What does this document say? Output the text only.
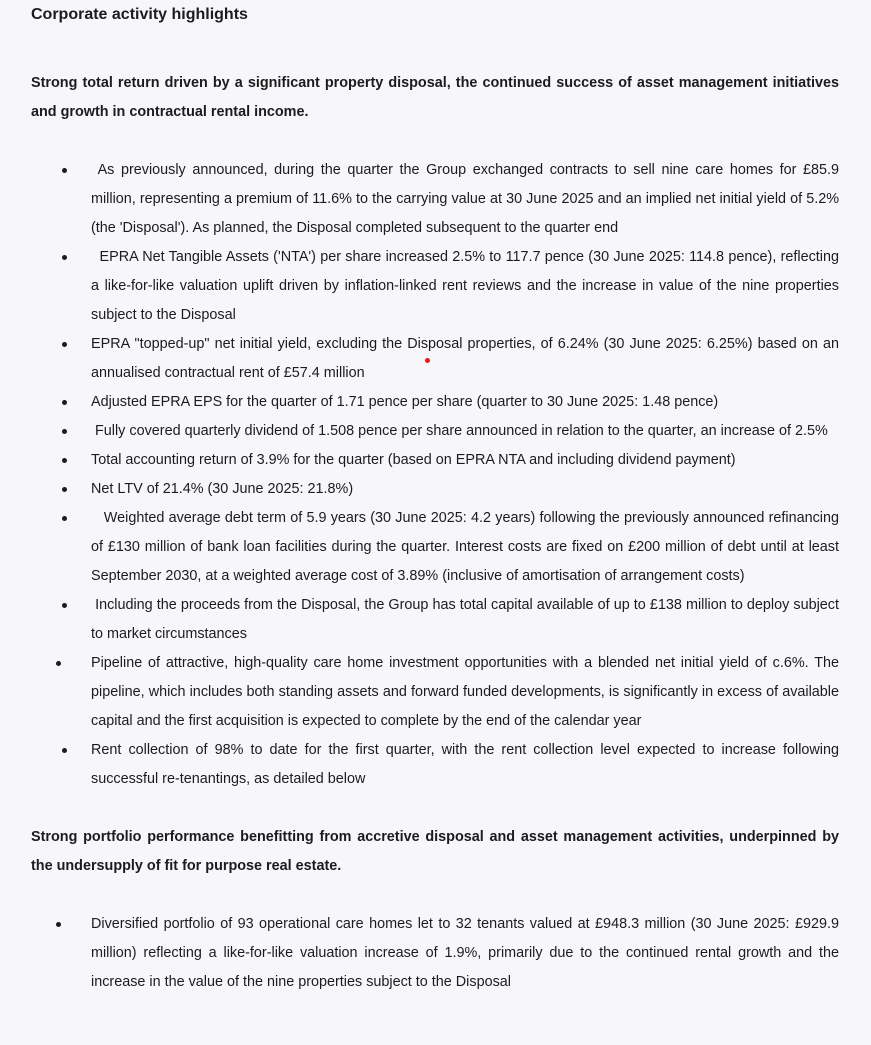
Corporate activity highlights

Strong total return driven by a significant property disposal, the continued success of asset management initiatives and growth in contractual rental income.

As previously announced, during the quarter the Group exchanged contracts to sell nine care homes for £85.9 million, representing a premium of 11.6% to the carrying value at 30 June 2025 and an implied net initial yield of 5.2% (the 'Disposal'). As planned, the Disposal completed subsequent to the quarter end
EPRA Net Tangible Assets ('NTA') per share increased 2.5% to 117.7 pence (30 June 2025: 114.8 pence), reflecting a like-for-like valuation uplift driven by inflation-linked rent reviews and the increase in value of the nine properties subject to the Disposal
EPRA "topped-up" net initial yield, excluding the Disposal properties, of 6.24% (30 June 2025: 6.25%) based on an annualised contractual rent of £57.4 million
Adjusted EPRA EPS for the quarter of 1.71 pence per share (quarter to 30 June 2025: 1.48 pence)
Fully covered quarterly dividend of 1.508 pence per share announced in relation to the quarter, an increase of 2.5%
Total accounting return of 3.9% for the quarter (based on EPRA NTA and including dividend payment)
Net LTV of 21.4% (30 June 2025: 21.8%)
Weighted average debt term of 5.9 years (30 June 2025: 4.2 years) following the previously announced refinancing of £130 million of bank loan facilities during the quarter. Interest costs are fixed on £200 million of debt until at least September 2030, at a weighted average cost of 3.89% (inclusive of amortisation of arrangement costs)
Including the proceeds from the Disposal, the Group has total capital available of up to £138 million to deploy subject to market circumstances
Pipeline of attractive, high-quality care home investment opportunities with a blended net initial yield of c.6%. The pipeline, which includes both standing assets and forward funded developments, is significantly in excess of available capital and the first acquisition is expected to complete by the end of the calendar year
Rent collection of 98% to date for the first quarter, with the rent collection level expected to increase following successful re-tenantings, as detailed below

Strong portfolio performance benefitting from accretive disposal and asset management activities, underpinned by the undersupply of fit for purpose real estate.

Diversified portfolio of 93 operational care homes let to 32 tenants valued at £948.3 million (30 June 2025: £929.9 million) reflecting a like-for-like valuation increase of 1.9%, primarily due to the continued rental growth and the increase in the value of the nine properties subject to the Disposal
